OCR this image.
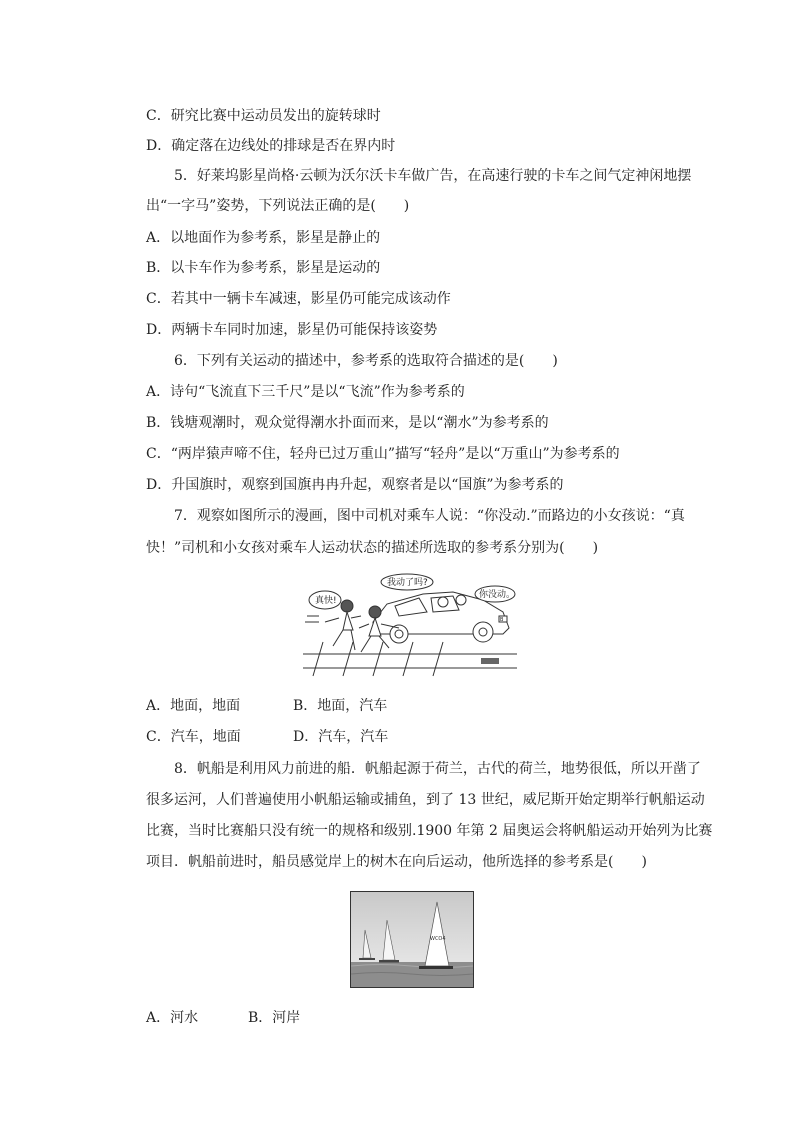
C．研究比赛中运动员发出的旋转球时
D．确定落在边线处的排球是否在界内时
5．好莱坞影星尚格·云顿为沃尔沃卡车做广告，在高速行驶的卡车之间气定神闲地摆
出“一字马”姿势，下列说法正确的是(　　)
A．以地面作为参考系，影星是静止的
B．以卡车作为参考系，影星是运动的
C．若其中一辆卡车减速，影星仍可能完成该动作
D．两辆卡车同时加速，影星仍可能保持该姿势
6．下列有关运动的描述中，参考系的选取符合描述的是(　　)
A．诗句“飞流直下三千尺”是以“飞流”作为参考系的
B．钱塘观潮时，观众觉得潮水扑面而来，是以“潮水”为参考系的
C．“两岸猿声啼不住，轻舟已过万重山”描写“轻舟”是以“万重山”为参考系的
D．升国旗时，观察到国旗冉冉升起，观察者是以“国旗”为参考系的
7．观察如图所示的漫画，图中司机对乘车人说：“你没动.”而路边的小女孩说：“真
快！”司机和小女孩对乘车人运动状态的描述所选取的参考系分别为(　　)
真快!
我动了吗?
你没动。
B
A．地面，地面	B．地面，汽车
C．汽车，地面	D．汽车，汽车
8．帆船是利用风力前进的船．帆船起源于荷兰，古代的荷兰，地势很低，所以开凿了
很多运河，人们普遍使用小帆船运输或捕鱼，到了 13 世纪，威尼斯开始定期举行帆船运动
比赛，当时比赛船只没有统一的规格和级别.1900 年第 2 届奥运会将帆船运动开始列为比赛
项目．帆船前进时，船员感觉岸上的树木在向后运动，他所选择的参考系是(　　)
WCO4
A．河水	B．河岸
